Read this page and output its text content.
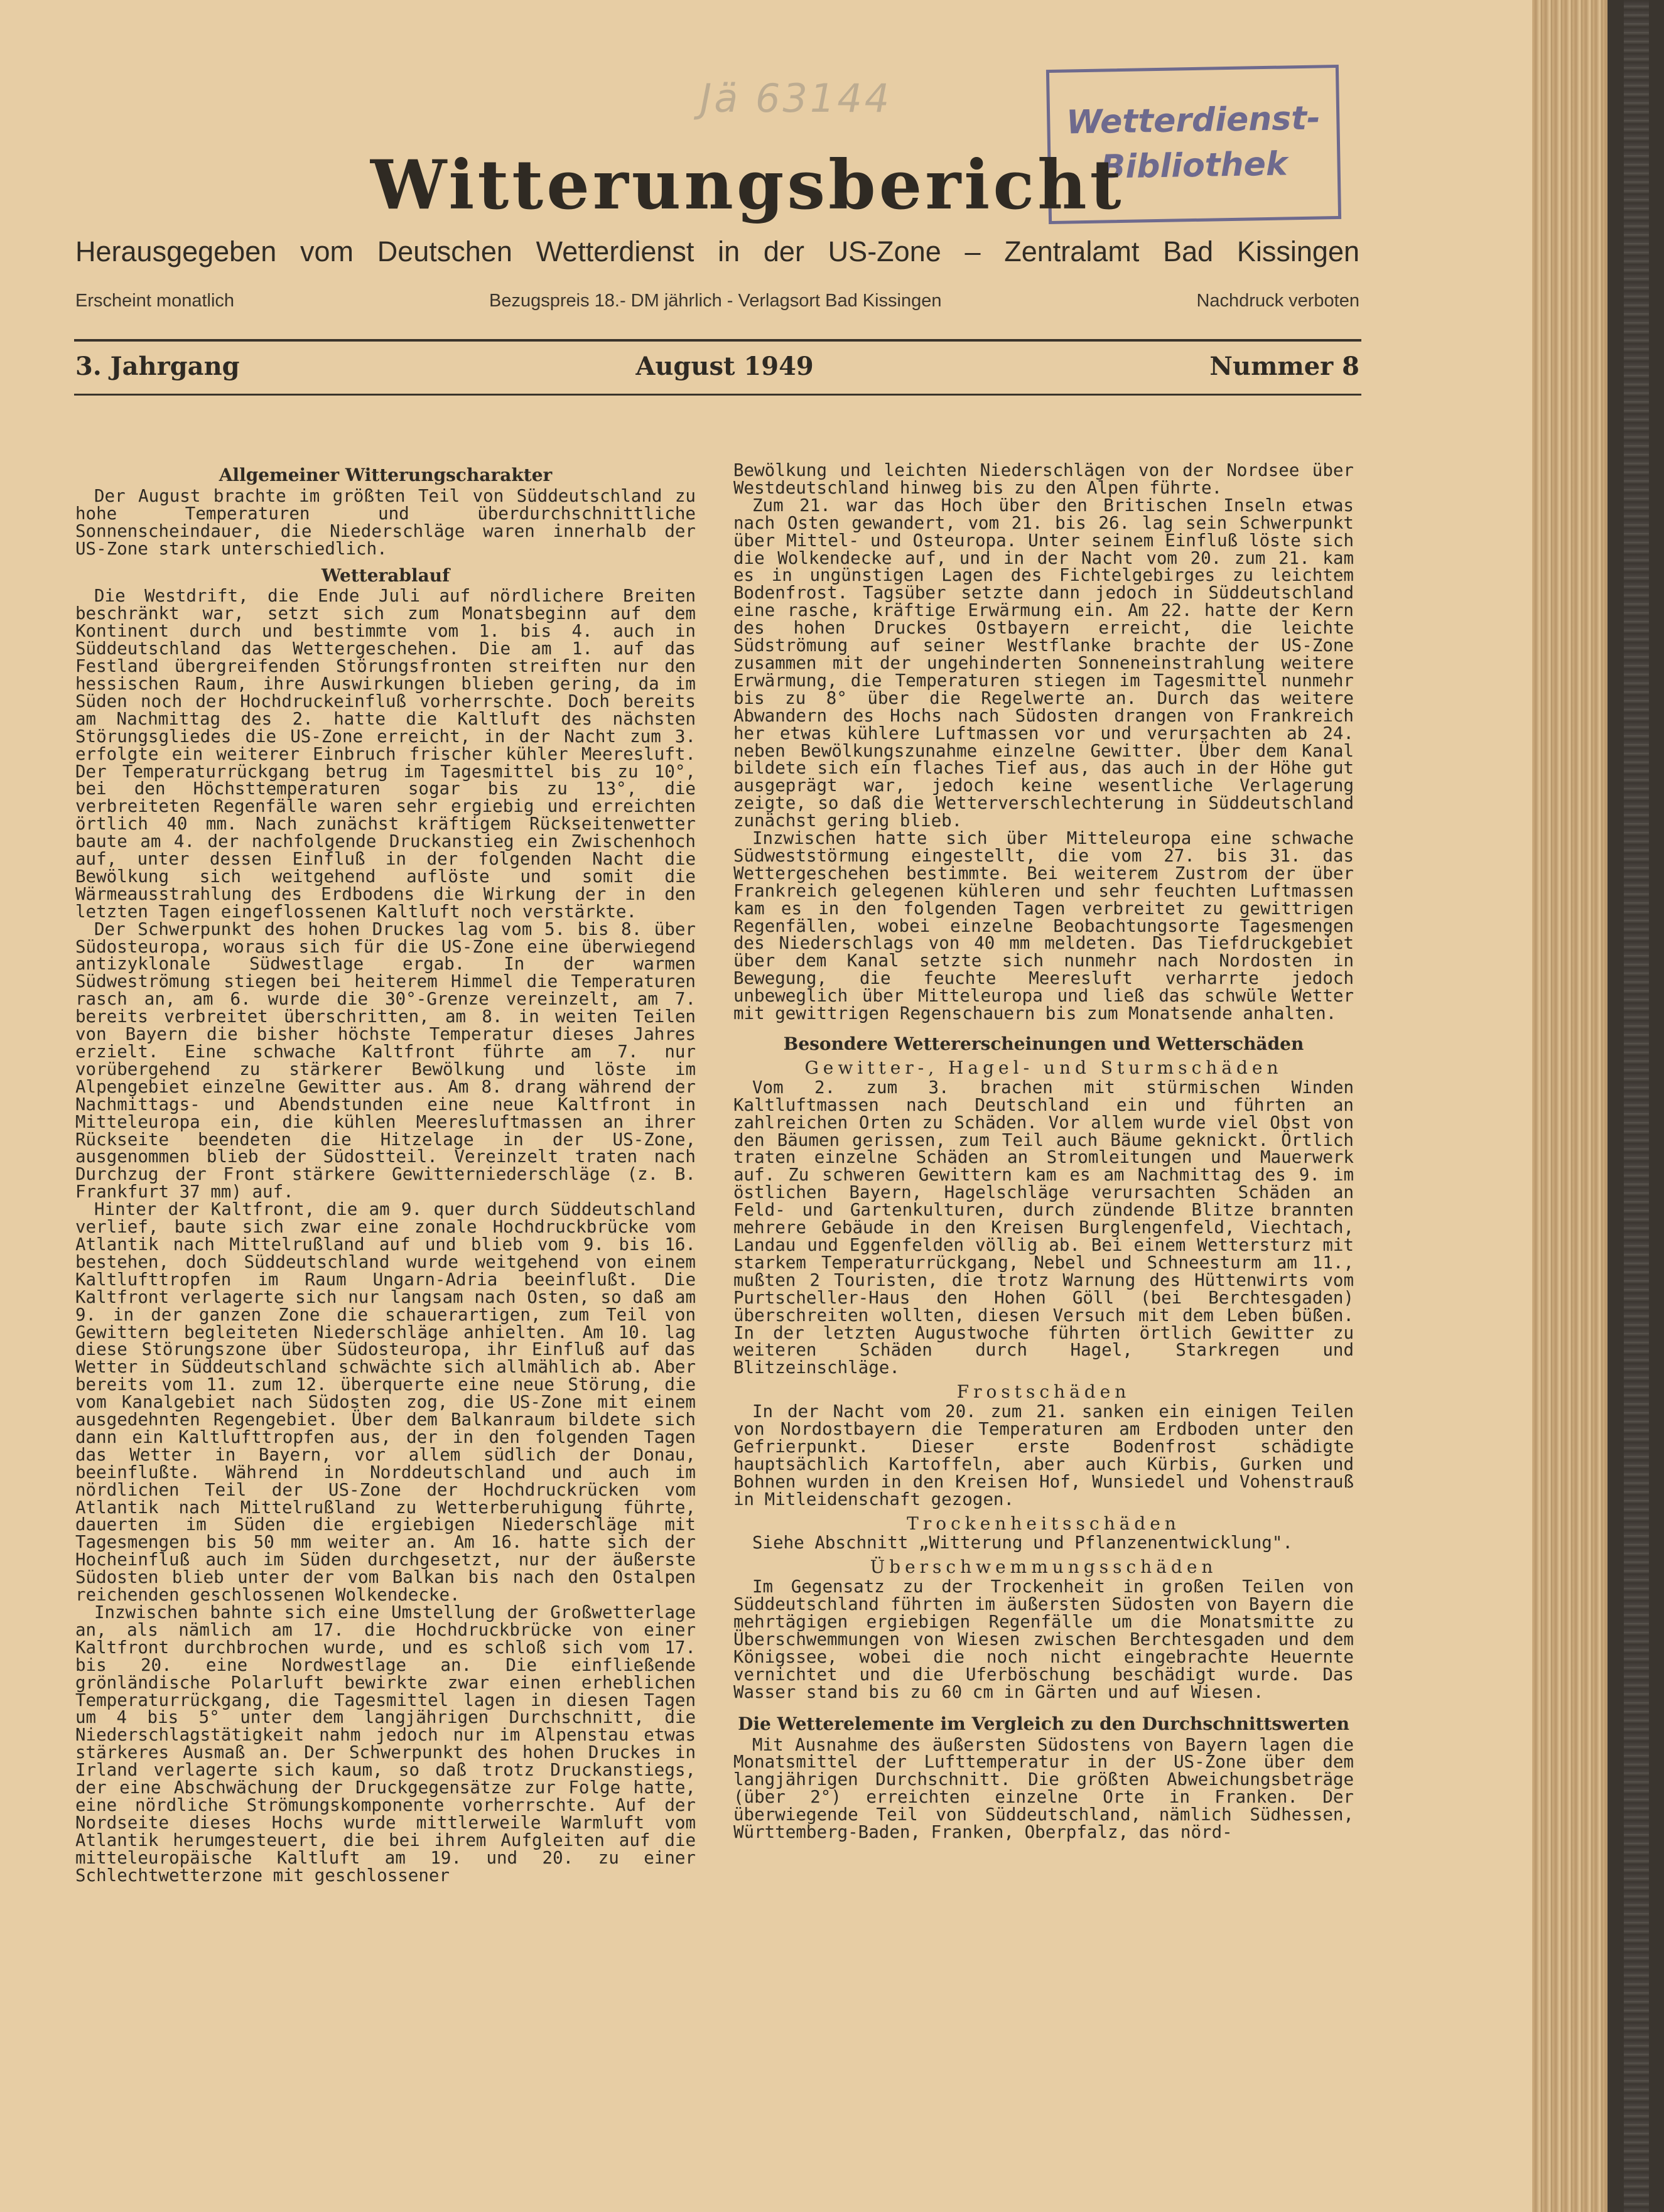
Jä 63144	Wetterdienst-
Bibliothek
Witterungsbericht
Herausgegeben vom Deutschen Wetterdienst in der US-Zone – Zentralamt Bad Kissingen
Erscheint monatlich	Bezugspreis 18.- DM jährlich - Verlagsort Bad Kissingen	Nachdruck verboten
3. Jahrgang	August 1949	Nummer 8
Allgemeiner Witterungscharakter

Der August brachte im größten Teil von Süddeutschland zu hohe Temperaturen und überdurchschnittliche Sonnenscheindauer, die Niederschläge waren innerhalb der US-Zone stark unterschiedlich.

Wetterablauf

Die Westdrift, die Ende Juli auf nördlichere Breiten beschränkt war, setzt sich zum Monatsbeginn auf dem Kontinent durch und bestimmte vom 1. bis 4. auch in Süddeutschland das Wettergeschehen. Die am 1. auf das Festland übergreifenden Störungsfronten streiften nur den hessischen Raum, ihre Auswirkungen blieben gering, da im Süden noch der Hochdruckeinfluß vorherrschte. Doch bereits am Nachmittag des 2. hatte die Kaltluft des nächsten Störungsgliedes die US-Zone erreicht, in der Nacht zum 3. erfolgte ein weiterer Einbruch frischer kühler Meeresluft. Der Temperaturrückgang betrug im Tagesmittel bis zu 10°, bei den Höchsttemperaturen sogar bis zu 13°, die verbreiteten Regenfälle waren sehr ergiebig und erreichten örtlich 40 mm. Nach zunächst kräftigem Rückseitenwetter baute am 4. der nachfolgende Druckanstieg ein Zwischenhoch auf, unter dessen Einfluß in der folgenden Nacht die Bewölkung sich weitgehend auflöste und somit die Wärmeausstrahlung des Erdbodens die Wirkung der in den letzten Tagen eingeflossenen Kaltluft noch verstärkte.

Der Schwerpunkt des hohen Druckes lag vom 5. bis 8. über Südosteuropa, woraus sich für die US-Zone eine überwiegend antizyklonale Südwestlage ergab. In der warmen Südweströmung stiegen bei heiterem Himmel die Temperaturen rasch an, am 6. wurde die 30°-Grenze vereinzelt, am 7. bereits verbreitet überschritten, am 8. in weiten Teilen von Bayern die bisher höchste Temperatur dieses Jahres erzielt. Eine schwache Kaltfront führte am 7. nur vorübergehend zu stärkerer Bewölkung und löste im Alpengebiet einzelne Gewitter aus. Am 8. drang während der Nachmittags- und Abendstunden eine neue Kaltfront in Mitteleuropa ein, die kühlen Meeresluftmassen an ihrer Rückseite beendeten die Hitzelage in der US-Zone, ausgenommen blieb der Südostteil. Vereinzelt traten nach Durchzug der Front stärkere Gewitterniederschläge (z. B. Frankfurt 37 mm) auf.

Hinter der Kaltfront, die am 9. quer durch Süddeutschland verlief, baute sich zwar eine zonale Hochdruckbrücke vom Atlantik nach Mittelrußland auf und blieb vom 9. bis 16. bestehen, doch Süddeutschland wurde weitgehend von einem Kaltlufttropfen im Raum Ungarn-Adria beeinflußt. Die Kaltfront verlagerte sich nur langsam nach Osten, so daß am 9. in der ganzen Zone die schauerartigen, zum Teil von Gewittern begleiteten Niederschläge anhielten. Am 10. lag diese Störungszone über Südosteuropa, ihr Einfluß auf das Wetter in Süddeutschland schwächte sich allmählich ab. Aber bereits vom 11. zum 12. überquerte eine neue Störung, die vom Kanalgebiet nach Südosten zog, die US-Zone mit einem ausgedehnten Regengebiet. Über dem Balkanraum bildete sich dann ein Kaltlufttropfen aus, der in den folgenden Tagen das Wetter in Bayern, vor allem südlich der Donau, beeinflußte. Während in Norddeutschland und auch im nördlichen Teil der US-Zone der Hochdruckrücken vom Atlantik nach Mittelrußland zu Wetterberuhigung führte, dauerten im Süden die ergiebigen Niederschläge mit Tagesmengen bis 50 mm weiter an. Am 16. hatte sich der Hocheinfluß auch im Süden durchgesetzt, nur der äußerste Südosten blieb unter der vom Balkan bis nach den Ostalpen reichenden geschlossenen Wolkendecke.

Inzwischen bahnte sich eine Umstellung der Großwetterlage an, als nämlich am 17. die Hochdruckbrücke von einer Kaltfront durchbrochen wurde, und es schloß sich vom 17. bis 20. eine Nordwestlage an. Die einfließende grönländische Polarluft bewirkte zwar einen erheblichen Temperaturrückgang, die Tagesmittel lagen in diesen Tagen um 4 bis 5° unter dem langjährigen Durchschnitt, die Niederschlagstätigkeit nahm jedoch nur im Alpenstau etwas stärkeres Ausmaß an. Der Schwerpunkt des hohen Druckes in Irland verlagerte sich kaum, so daß trotz Druckanstiegs, der eine Abschwächung der Druckgegensätze zur Folge hatte, eine nördliche Strömungskomponente vorherrschte. Auf der Nordseite dieses Hochs wurde mittlerweile Warmluft vom Atlantik herumgesteuert, die bei ihrem Aufgleiten auf die mitteleuropäische Kaltluft am 19. und 20. zu einer Schlechtwetterzone mit geschlossener

Bewölkung und leichten Niederschlägen von der Nordsee über Westdeutschland hinweg bis zu den Alpen führte.

Zum 21. war das Hoch über den Britischen Inseln etwas nach Osten gewandert, vom 21. bis 26. lag sein Schwerpunkt über Mittel- und Osteuropa. Unter seinem Einfluß löste sich die Wolkendecke auf, und in der Nacht vom 20. zum 21. kam es in ungünstigen Lagen des Fichtelgebirges zu leichtem Bodenfrost. Tagsüber setzte dann jedoch in Süddeutschland eine rasche, kräftige Erwärmung ein. Am 22. hatte der Kern des hohen Druckes Ostbayern erreicht, die leichte Südströmung auf seiner Westflanke brachte der US-Zone zusammen mit der ungehinderten Sonneneinstrahlung weitere Erwärmung, die Temperaturen stiegen im Tagesmittel nunmehr bis zu 8° über die Regelwerte an. Durch das weitere Abwandern des Hochs nach Südosten drangen von Frankreich her etwas kühlere Luftmassen vor und verursachten ab 24. neben Bewölkungszunahme einzelne Gewitter. Über dem Kanal bildete sich ein flaches Tief aus, das auch in der Höhe gut ausgeprägt war, jedoch keine wesentliche Verlagerung zeigte, so daß die Wetterverschlechterung in Süddeutschland zunächst gering blieb.

Inzwischen hatte sich über Mitteleuropa eine schwache Südweststörmung eingestellt, die vom 27. bis 31. das Wettergeschehen bestimmte. Bei weiterem Zustrom der über Frankreich gelegenen kühleren und sehr feuchten Luftmassen kam es in den folgenden Tagen verbreitet zu gewittrigen Regenfällen, wobei einzelne Beobachtungsorte Tagesmengen des Niederschlags von 40 mm meldeten. Das Tiefdruckgebiet über dem Kanal setzte sich nunmehr nach Nordosten in Bewegung, die feuchte Meeresluft verharrte jedoch unbeweglich über Mitteleuropa und ließ das schwüle Wetter mit gewittrigen Regenschauern bis zum Monatsende anhalten.

Besondere Wettererscheinungen und Wetterschäden
Gewitter-, Hagel- und Sturmschäden

Vom 2. zum 3. brachen mit stürmischen Winden Kaltluftmassen nach Deutschland ein und führten an zahlreichen Orten zu Schäden. Vor allem wurde viel Obst von den Bäumen gerissen, zum Teil auch Bäume geknickt. Örtlich traten einzelne Schäden an Stromleitungen und Mauerwerk auf. Zu schweren Gewittern kam es am Nachmittag des 9. im östlichen Bayern, Hagelschläge verursachten Schäden an Feld- und Gartenkulturen, durch zündende Blitze brannten mehrere Gebäude in den Kreisen Burglengenfeld, Viechtach, Landau und Eggenfelden völlig ab. Bei einem Wettersturz mit starkem Temperaturrückgang, Nebel und Schneesturm am 11., mußten 2 Touristen, die trotz Warnung des Hüttenwirts vom Purtscheller-Haus den Hohen Göll (bei Berchtesgaden) überschreiten wollten, diesen Versuch mit dem Leben büßen. In der letzten Augustwoche führten örtlich Gewitter zu weiteren Schäden durch Hagel, Starkregen und Blitzeinschläge.

Frostschäden

In der Nacht vom 20. zum 21. sanken ein einigen Teilen von Nordostbayern die Temperaturen am Erdboden unter den Gefrierpunkt. Dieser erste Bodenfrost schädigte hauptsächlich Kartoffeln, aber auch Kürbis, Gurken und Bohnen wurden in den Kreisen Hof, Wunsiedel und Vohenstrauß in Mitleidenschaft gezogen.

Trockenheitsschäden

Siehe Abschnitt „Witterung und Pflanzenentwicklung".

Überschwemmungsschäden

Im Gegensatz zu der Trockenheit in großen Teilen von Süddeutschland führten im äußersten Südosten von Bayern die mehrtägigen ergiebigen Regenfälle um die Monatsmitte zu Überschwemmungen von Wiesen zwischen Berchtesgaden und dem Königssee, wobei die noch nicht eingebrachte Heuernte vernichtet und die Uferböschung beschädigt wurde. Das Wasser stand bis zu 60 cm in Gärten und auf Wiesen.

Die Wetterelemente im Vergleich zu den Durchschnittswerten

Mit Ausnahme des äußersten Südostens von Bayern lagen die Monatsmittel der Lufttemperatur in der US-Zone über dem langjährigen Durchschnitt. Die größten Abweichungsbeträge (über 2°) erreichten einzelne Orte in Franken. Der überwiegende Teil von Süddeutschland, nämlich Südhessen, Württemberg-Baden, Franken, Oberpfalz, das nörd-
